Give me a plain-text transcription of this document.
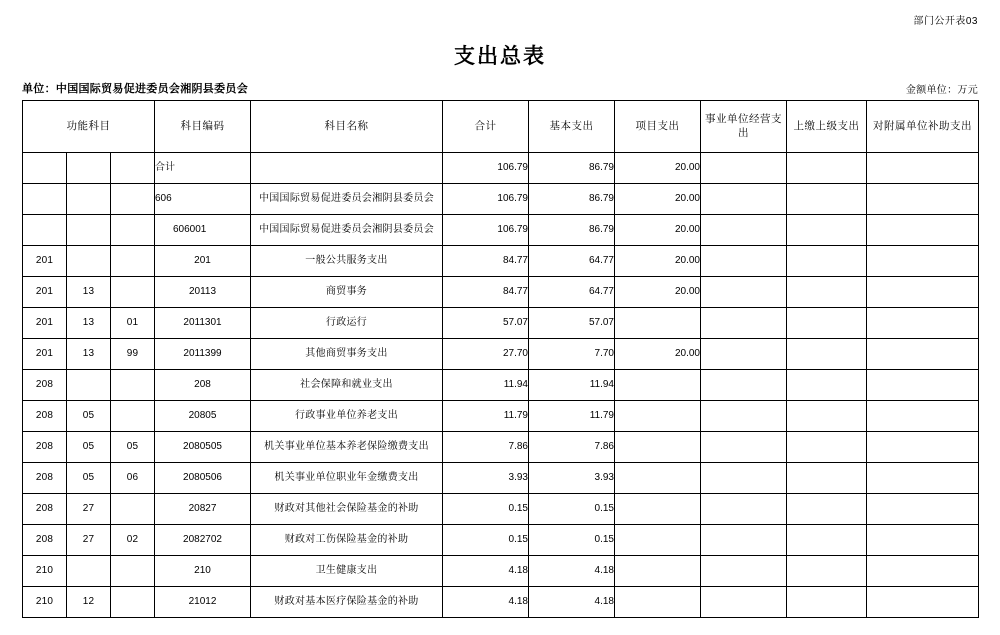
部门公开表03
支出总表
单位：中国国际贸易促进委员会湘阴县委员会	金额单位：万元
功能科目			科目编码	科目名称	合计	基本支出	项目支出	事业单位经营支出	上缴上级支出	对附属单位补助支出
			合计		106.79	86.79	20.00			
			606	中国国际贸易促进委员会湘阴县委员会	106.79	86.79	20.00			
			606001	中国国际贸易促进委员会湘阴县委员会	106.79	86.79	20.00			
201			201	一般公共服务支出	84.77	64.77	20.00			
201	13		20113	商贸事务	84.77	64.77	20.00			
201	13	01	2011301	行政运行	57.07	57.07				
201	13	99	2011399	其他商贸事务支出	27.70	7.70	20.00			
208			208	社会保障和就业支出	11.94	11.94				
208	05		20805	行政事业单位养老支出	11.79	11.79				
208	05	05	2080505	机关事业单位基本养老保险缴费支出	7.86	7.86				
208	05	06	2080506	机关事业单位职业年金缴费支出	3.93	3.93				
208	27		20827	财政对其他社会保险基金的补助	0.15	0.15				
208	27	02	2082702	财政对工伤保险基金的补助	0.15	0.15				
210			210	卫生健康支出	4.18	4.18				
210	12		21012	财政对基本医疗保险基金的补助	4.18	4.18				
